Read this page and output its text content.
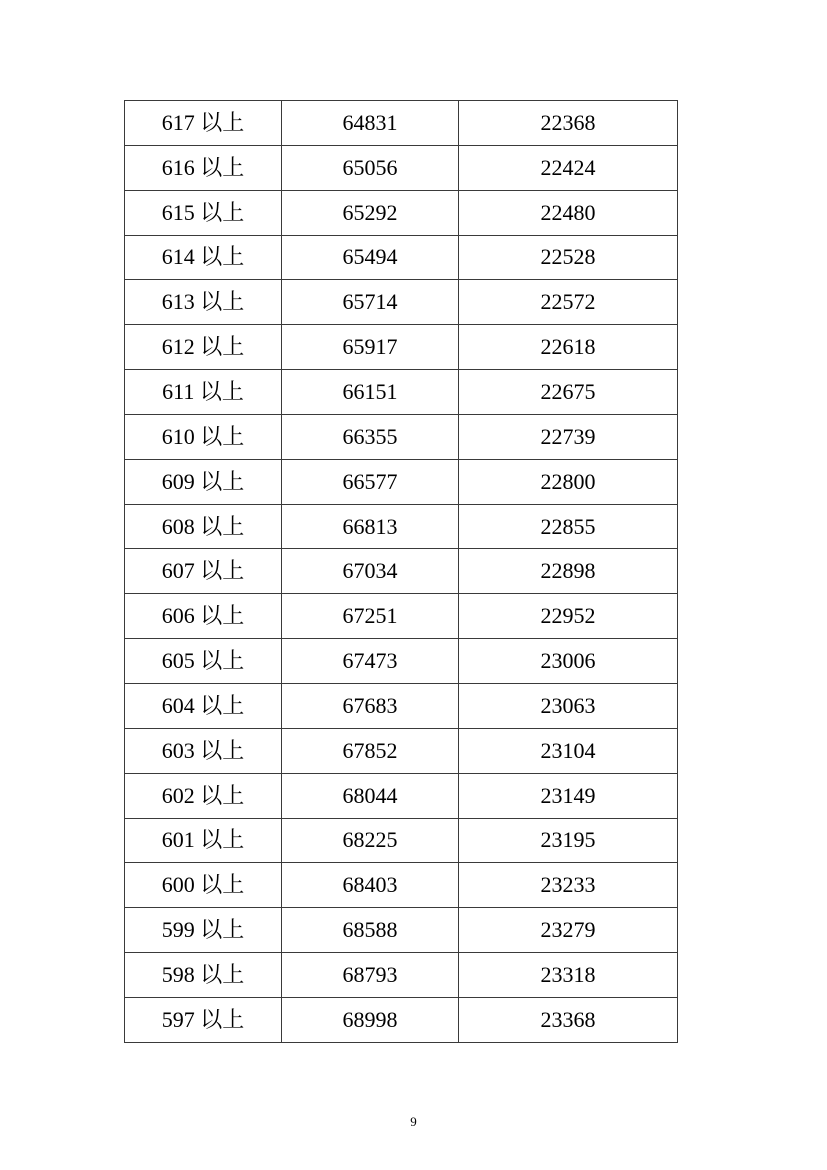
617 以上	64831	22368
616 以上	65056	22424
615 以上	65292	22480
614 以上	65494	22528
613 以上	65714	22572
612 以上	65917	22618
611 以上	66151	22675
610 以上	66355	22739
609 以上	66577	22800
608 以上	66813	22855
607 以上	67034	22898
606 以上	67251	22952
605 以上	67473	23006
604 以上	67683	23063
603 以上	67852	23104
602 以上	68044	23149
601 以上	68225	23195
600 以上	68403	23233
599 以上	68588	23279
598 以上	68793	23318
597 以上	68998	23368
9
